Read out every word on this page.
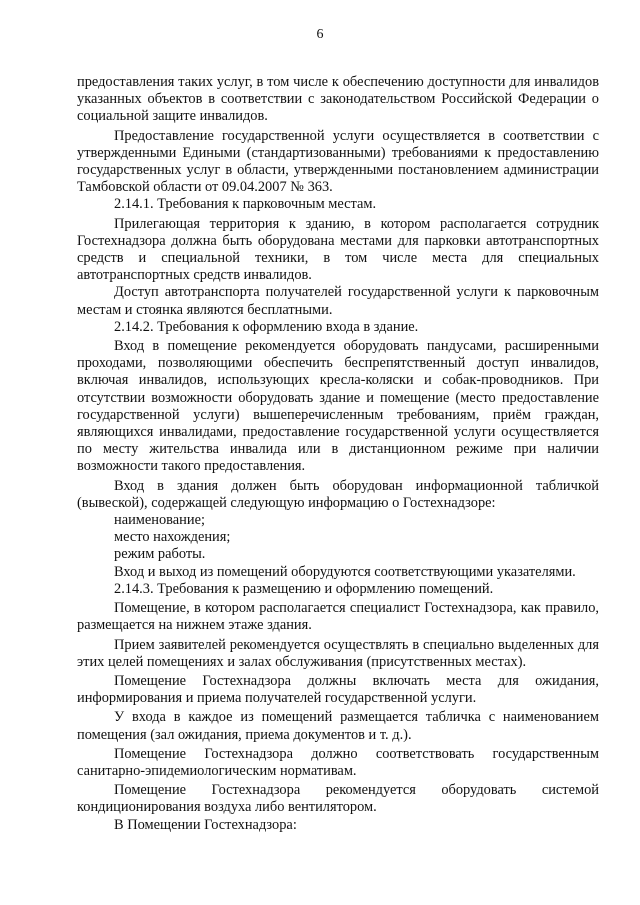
6

предоставления таких услуг, в том числе к обеспечению доступности для инвалидов указанных объектов в соответствии с законодательством Российской Федерации о социальной защите инвалидов.

Предоставление государственной услуги осуществляется в соответствии с утвержденными Едиными (стандартизованными) требованиями к предоставлению государственных услуг в области, утвержденными постановлением администрации Тамбовской области от 09.04.2007 № 363.

2.14.1. Требования к парковочным местам.

Прилегающая территория к зданию, в котором располагается сотрудник Гостехнадзора должна быть оборудована местами для парковки автотранспортных средств и специальной техники, в том числе места для специальных автотранспортных средств инвалидов.

Доступ автотранспорта получателей государственной услуги к парковочным местам и стоянка являются бесплатными.

2.14.2. Требования к оформлению входа в здание.

Вход в помещение рекомендуется оборудовать пандусами, расширенными проходами, позволяющими обеспечить беспрепятственный доступ инвалидов, включая инвалидов, использующих кресла-коляски и собак-проводников. При отсутствии возможности оборудовать здание и помещение (место предоставление государственной услуги) вышеперечисленным требованиям, приём граждан, являющихся инвалидами, предоставление государственной услуги осуществляется по месту жительства инвалида или в дистанционном режиме при наличии возможности такого предоставления.

Вход в здания должен быть оборудован информационной табличкой (вывеской), содержащей следующую информацию о Гостехнадзоре:

наименование;

место нахождения;

режим работы.

Вход и выход из помещений оборудуются соответствующими указателями.

2.14.3. Требования к размещению и оформлению помещений.

Помещение, в котором располагается специалист Гостехнадзора, как правило, размещается на нижнем этаже здания.

Прием заявителей рекомендуется осуществлять в специально выделенных для этих целей помещениях и залах обслуживания (присутственных местах).

Помещение Гостехнадзора должны включать места для ожидания, информирования и приема получателей государственной услуги.

У входа в каждое из помещений размещается табличка с наименованием помещения (зал ожидания, приема документов и т. д.).

Помещение Гостехнадзора должно соответствовать государственным санитарно-эпидемиологическим нормативам.

Помещение Гостехнадзора рекомендуется оборудовать системой кондиционирования воздуха либо вентилятором.

В Помещении Гостехнадзора:
